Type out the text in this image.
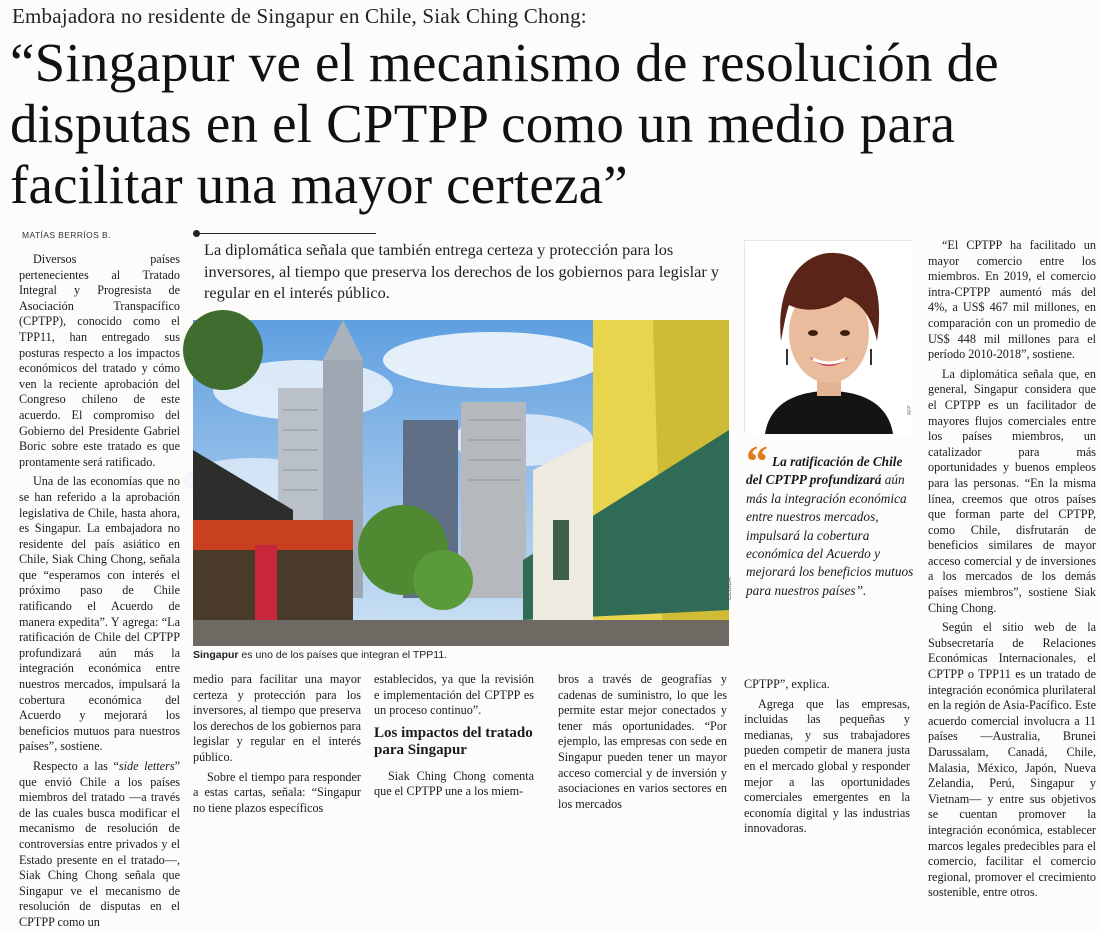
Embajadora no residente de Singapur en Chile, Siak Ching Chong:
“Singapur ve el mecanismo de resolución de disputas en el CPTPP como un medio para facilitar una mayor certeza”
MATÍAS BERRÍOS B.

Diversos países pertenecientes al Tratado Integral y Progresista de Asociación Transpacífico (CPTPP), conocido como el TPP11, han entregado sus posturas respecto a los impactos económicos del tratado y cómo ven la reciente aprobación del Congreso chileno de este acuerdo. El compromiso del Gobierno del Presidente Gabriel Boric sobre este tratado es que prontamente será ratificado.

Una de las economías que no se han referido a la aprobación legislativa de Chile, hasta ahora, es Singapur. La embajadora no residente del país asiático en Chile, Siak Ching Chong, señala que “esperamos con interés el próximo paso de Chile ratificando el Acuerdo de manera expedita”. Y agrega: “La ratificación de Chile del CPTPP profundizará aún más la integración económica entre nuestros mercados, impulsará la cobertura económica del Acuerdo y mejorará los beneficios mutuos para nuestros países”, sostiene.

Respecto a las “side letters” que envió Chile a los países miembros del tratado —a través de las cuales busca modificar el mecanismo de resolución de controversias entre privados y el Estado presente en el tratado—, Siak Ching Chong señala que Singapur ve el mecanismo de resolución de disputas en el CPTPP como un

La diplomática señala que también entrega certeza y protección para los inversores, al tiempo que preserva los derechos de los gobiernos para legislar y regular en el interés público.
CEDIDA
Singapur es uno de los países que integran el TPP11.

medio para facilitar una mayor certeza y protección para los inversores, al tiempo que preserva los derechos de los gobiernos para legislar y regular en el interés público.

Sobre el tiempo para responder a estas cartas, señala: “Singapur no tiene plazos específicos

establecidos, ya que la revisión e implementación del CPTPP es un proceso continuo”.

Los impactos del tratado para Singapur

Siak Ching Chong comenta que el CPTPP une a los miem-

bros a través de geografías y cadenas de suministro, lo que les permite estar mejor conectados y tener más oportunidades. “Por ejemplo, las empresas con sede en Singapur pueden tener un mayor acceso comercial y de inversión y asociaciones en varios sectores en los mercados

AFP
“ La ratificación de Chile del CPTPP profundizará aún más la integración económica entre nuestros mercados, impulsará la cobertura económica del Acuerdo y mejorará los beneficios mutuos para nuestros países”.

CPTPP”, explica.

Agrega que las empresas, incluidas las pequeñas y medianas, y sus trabajadores pueden competir de manera justa en el mercado global y responder mejor a las oportunidades comerciales emergentes en la economía digital y las industrias innovadoras.

“El CPTPP ha facilitado un mayor comercio entre los miembros. En 2019, el comercio intra-CPTPP aumentó más del 4%, a US$ 467 mil millones, en comparación con un promedio de US$ 448 mil millones para el período 2010-2018”, sostiene.

La diplomática señala que, en general, Singapur considera que el CPTPP es un facilitador de mayores flujos comerciales entre los países miembros, un catalizador para más oportunidades y buenos empleos para las personas. “En la misma línea, creemos que otros países que forman parte del CPTPP, como Chile, disfrutarán de beneficios similares de mayor acceso comercial y de inversiones a los mercados de los demás países miembros”, sostiene Siak Ching Chong.

Según el sitio web de la Subsecretaría de Relaciones Económicas Internacionales, el CPTPP o TPP11 es un tratado de integración económica plurilateral en la región de Asia-Pacífico. Este acuerdo comercial involucra a 11 países —Australia, Brunei Darussalam, Canadá, Chile, Malasia, México, Japón, Nueva Zelandia, Perú, Singapur y Vietnam— y entre sus objetivos se cuentan promover la integración económica, establecer marcos legales predecibles para el comercio, facilitar el comercio regional, promover el crecimiento sostenible, entre otros.
